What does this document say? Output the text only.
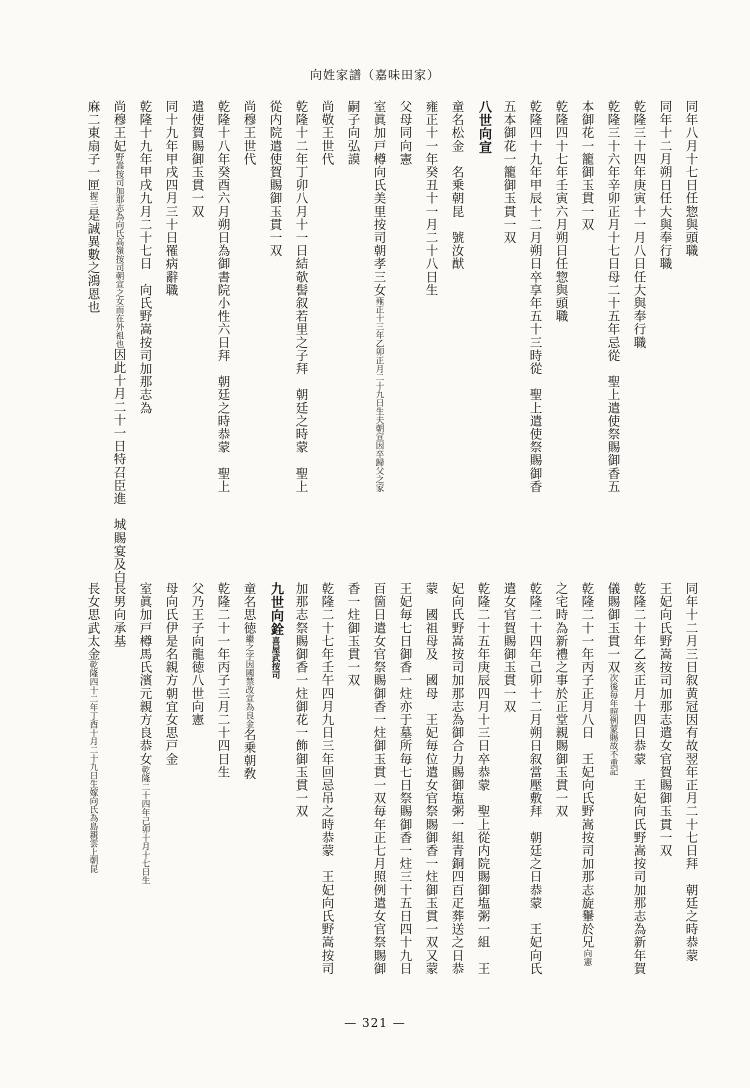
向姓家譜（嘉味田家）
同年八月十七日任惣與頭職
同年十二月朔日任大與奉行職
乾隆三十四年庚寅十一月八日任大與奉行職
乾隆三十六年辛卯正月十七日母二十五年忌從　聖上遣使祭賜御香五
本御花一籠御玉貫一双
乾隆四十七年壬寅六月朔日任惣與頭職
乾隆四十九年甲辰十二月朔日卒享年五十三時從　聖上遣使祭賜御香
五本御花一籠御玉貫一双
八世向宣
童名松金　名乗朝昆　號汝猷
雍正十一年癸丑十一月二十八日生
父母同向憲
室眞加戸樽向氏美里按司朝孝三女雍正十三年乙卯正月二十九日生夫朝宣因卒歸父之家
嗣子向弘謨
尚敬王世代
乾隆十二年丁卯八月十一日結欹髻叙若里之子拜　朝廷之時蒙　聖上
從内院遣使賀賜御玉貫一双
尚穆王世代
乾隆十八年癸酉六月朔日為御書院小性六日拜　朝廷之時恭蒙　聖上
遣使賀賜御玉貫一双
同十九年甲戌四月三十日罹病辭職
乾隆十九年甲戌九月二十七日　向氏野嵩按司加那志為
尚穆王妃野嵩按司加那志為向氏高嶺按司朝宣之女而在外祖也因此十月二十一日特召臣進　城賜宴及白
麻二東扇子一匣握三是誠異數之鴻恩也
同年十二月三日叙黄冠因有故翌年正月二十七日拜　朝廷之時恭蒙
王妃向氏野嵩按司加那志遣女官賀賜御玉貫一双
乾隆二十年乙亥正月十四日恭蒙　王妃向氏野嵩按司加那志為新年賀
儀賜御玉貫一双次後毎年照例蒙賜故不重記
乾隆二十一年丙子正月八日　王妃向氏野嵩按司加那志旋轝於兄向憲
之宅時為新禮之事於正堂親賜御玉貫一双
乾隆二十四年己卯十二月朔日叙當壓敷拜　朝廷之日恭蒙　王妃向氏
遣女官賀賜御玉貫一双
乾隆二十五年庚辰四月十三日卒恭蒙　聖上從内院賜御塩粥一組　王
妃向氏野嵩按司加那志為御合力賜御塩粥一組青銅四百疋葬送之日恭
蒙　國祖母及　國母　王妃毎位遣女官祭賜御香一炷御玉貫一双又蒙
王妃毎七日御香一炷亦于墓所毎七日祭賜御香一炷三十五日四十九日
百箇日遣女官祭賜御香一炷御玉貫一双毎年正七月照例遣女官祭賜御
香一炷御玉貫一双
乾隆二十七年壬午四月九日三年回忌吊之時恭蒙　王妃向氏野嵩按司
加那志祭賜御香一炷御花一飾御玉貫一双
九世向銓喜屋武按司
童名思徳繼之字因國禁改宣為良金名乗朝敎
乾隆二十一年丙子三月二十四日生
父乃王子向龍徳八世向憲
母向氏伊是名親方朝宜女思戸金
室眞加戸樽馬氏濱元親方良恭女乾隆二十四年己卯十月十七日生
長男向承基
長女思武太金乾隆四十二年丁酉十月二十九日生嫁向氏為島親雲上朝昆
— 321 —
